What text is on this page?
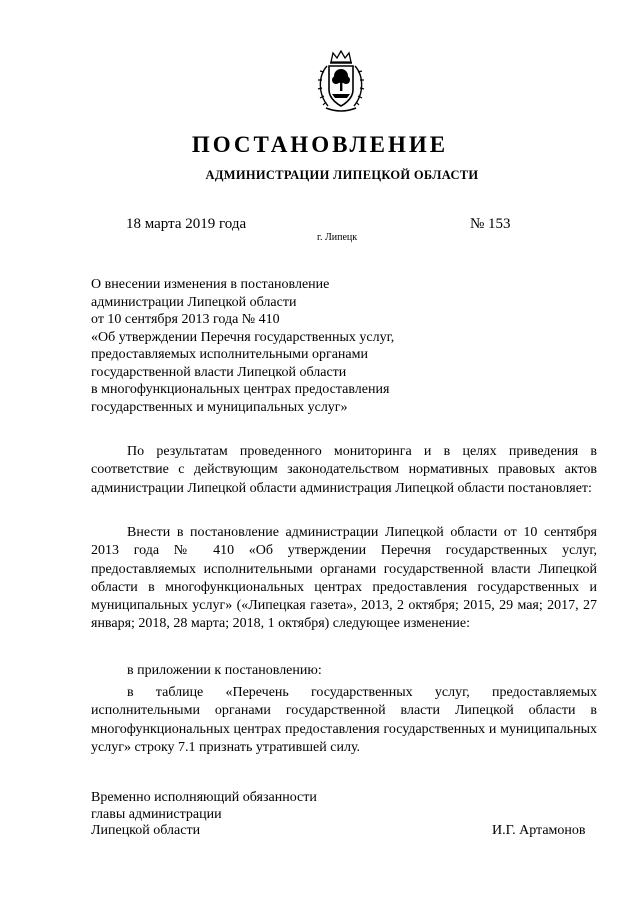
ПОСТАНОВЛЕНИЕ
АДМИНИСТРАЦИИ ЛИПЕЦКОЙ ОБЛАСТИ
18 марта 2019 года
г. Липецк
№ 153
О внесении изменения в постановление
администрации Липецкой области
от 10 сентября 2013 года № 410
«Об утверждении Перечня государственных услуг,
предоставляемых исполнительными органами
государственной власти Липецкой области
в многофункциональных центрах предоставления
государственных и муниципальных услуг»
По результатам проведенного мониторинга и в целях приведения в соответствие с действующим законодательством нормативных правовых актов администрации Липецкой области администрация Липецкой области постановляет:
Внести в постановление администрации Липецкой области от 10 сентября 2013 года № 410 «Об утверждении Перечня государственных услуг, предоставляемых исполнительными органами государственной власти Липецкой области в многофункциональных центрах предоставления государственных и муниципальных услуг» («Липецкая газета», 2013, 2 октября; 2015, 29 мая; 2017, 27 января; 2018, 28 марта; 2018, 1 октября) следующее изменение:
в приложении к постановлению:
в таблице «Перечень государственных услуг, предоставляемых исполнительными органами государственной власти Липецкой области в многофункциональных центрах предоставления государственных и муниципальных услуг» строку 7.1 признать утратившей силу.
Временно исполняющий обязанности
главы администрации
Липецкой области	И.Г. Артамонов
